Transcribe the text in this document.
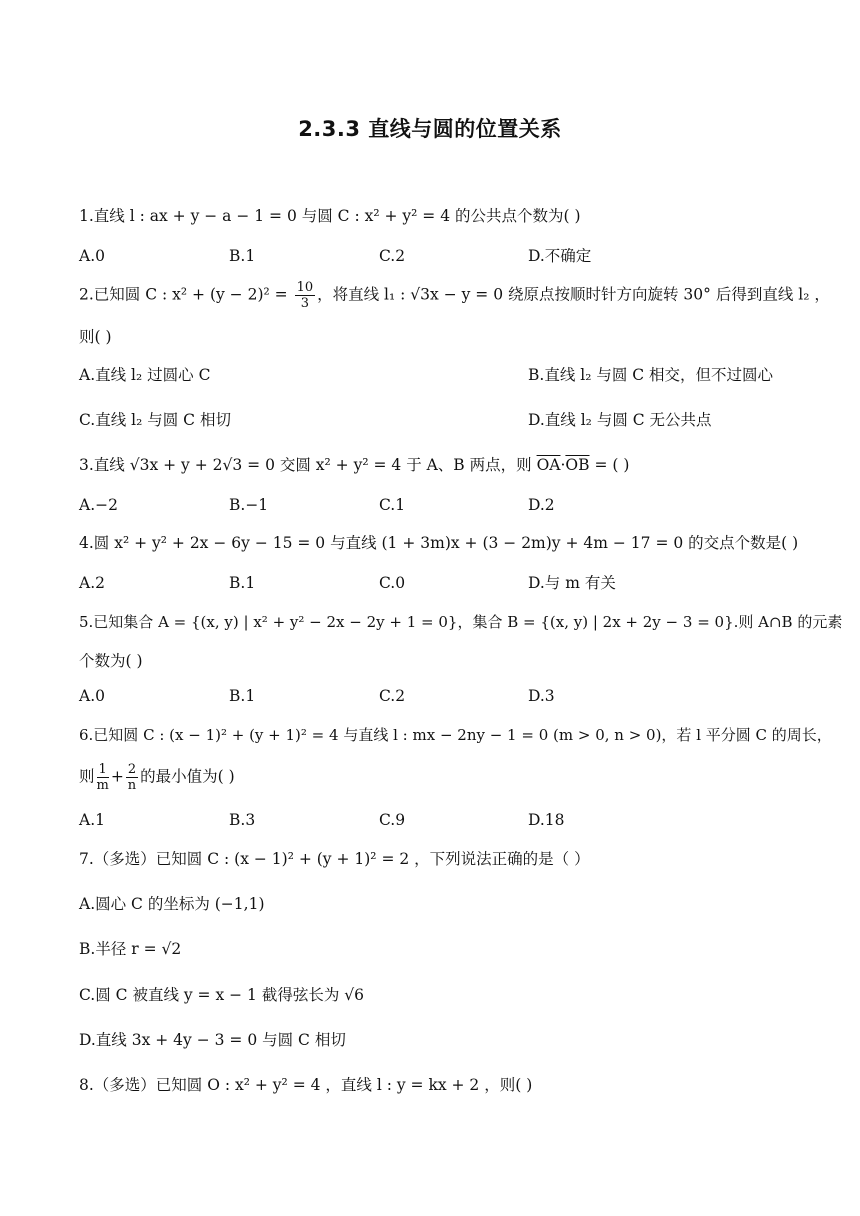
2.3.3 直线与圆的位置关系
1.直线 l : ax + y − a − 1 = 0 与圆 C : x² + y² = 4 的公共点个数为( )
A.0	B.1	C.2	D.不确定
2.已知圆 C : $x^2 + (y - 2)^2 = \frac{10}{3}$ ，将直线 l₁ : √3x − y = 0 绕原点按顺时针方向旋转 30° 后得到直线 l₂ ，
则( )
A.直线 l₂ 过圆心 C	B.直线 l₂ 与圆 C 相交，但不过圆心
C.直线 l₂ 与圆 C 相切	D.直线 l₂ 与圆 C 无公共点
3.直线 √3x + y + 2√3 = 0 交圆 x² + y² = 4 于 A、B 两点，则 $\overline{OA}\cdot\overline{OB}$ = ( )
A.−2	B.−1	C.1	D.2
4.圆 x² + y² + 2x − 6y − 15 = 0 与直线 (1 + 3m)x + (3 − 2m)y + 4m − 17 = 0 的交点个数是( )
A.2	B.1	C.0	D.与 m 有关
5.已知集合 A = {(x, y) | x² + y² − 2x − 2y + 1 = 0}，集合 B = {(x, y) | 2x + 2y − 3 = 0}.则 A∩B 的元素
个数为( )
A.0	B.1	C.2	D.3
6.已知圆 C : (x − 1)² + (y + 1)² = 4 与直线 l : mx − 2ny − 1 = 0 (m > 0, n > 0)，若 l 平分圆 C 的周长，
则 $\frac{1}{m} + \frac{2}{n}$ 的最小值为( )
A.1	B.3	C.9	D.18
7.（多选）已知圆 C : (x − 1)² + (y + 1)² = 2 ，下列说法正确的是（ ）
A.圆心 C 的坐标为 (−1,1)
B.半径 r = √2
C.圆 C 被直线 y = x − 1 截得弦长为 √6
D.直线 3x + 4y − 3 = 0 与圆 C 相切
8.（多选）已知圆 O : x² + y² = 4 ，直线 l : y = kx + 2 ，则( )
